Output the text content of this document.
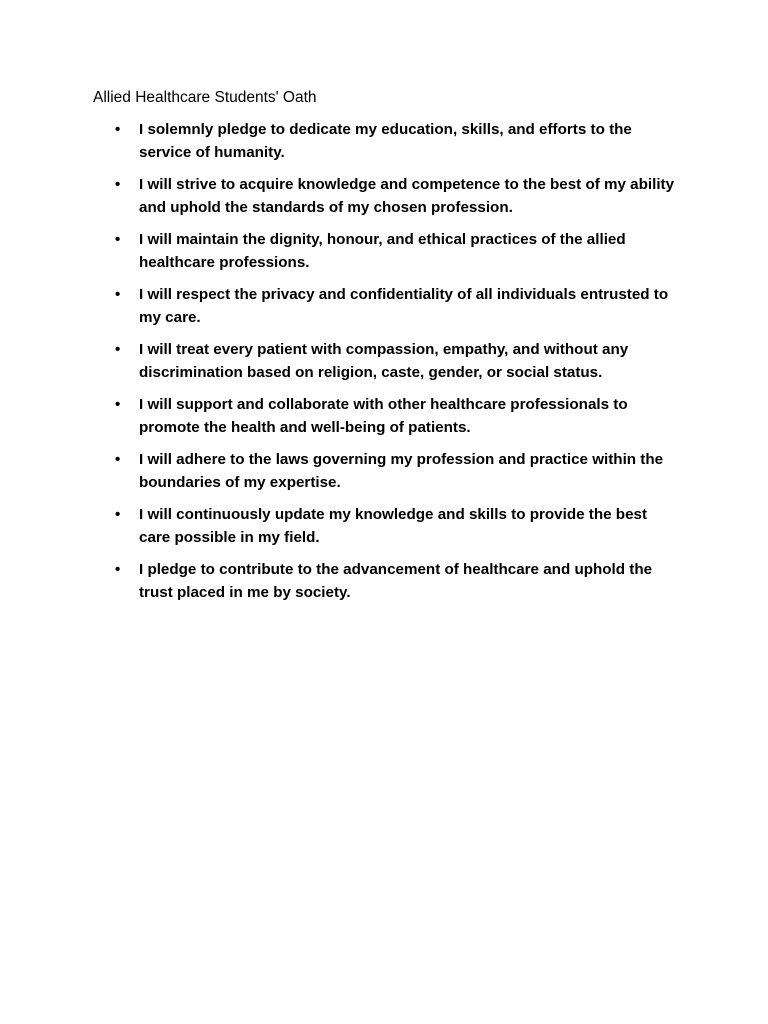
Allied Healthcare Students' Oath
•	I solemnly pledge to dedicate my education, skills, and efforts to the service of humanity.
•	I will strive to acquire knowledge and competence to the best of my ability and uphold the standards of my chosen profession.
•	I will maintain the dignity, honour, and ethical practices of the allied healthcare professions.
•	I will respect the privacy and confidentiality of all individuals entrusted to my care.
•	I will treat every patient with compassion, empathy, and without any discrimination based on religion, caste, gender, or social status.
•	I will support and collaborate with other healthcare professionals to promote the health and well-being of patients.
•	I will adhere to the laws governing my profession and practice within the boundaries of my expertise.
•	I will continuously update my knowledge and skills to provide the best care possible in my field.
•	I pledge to contribute to the advancement of healthcare and uphold the trust placed in me by society.
